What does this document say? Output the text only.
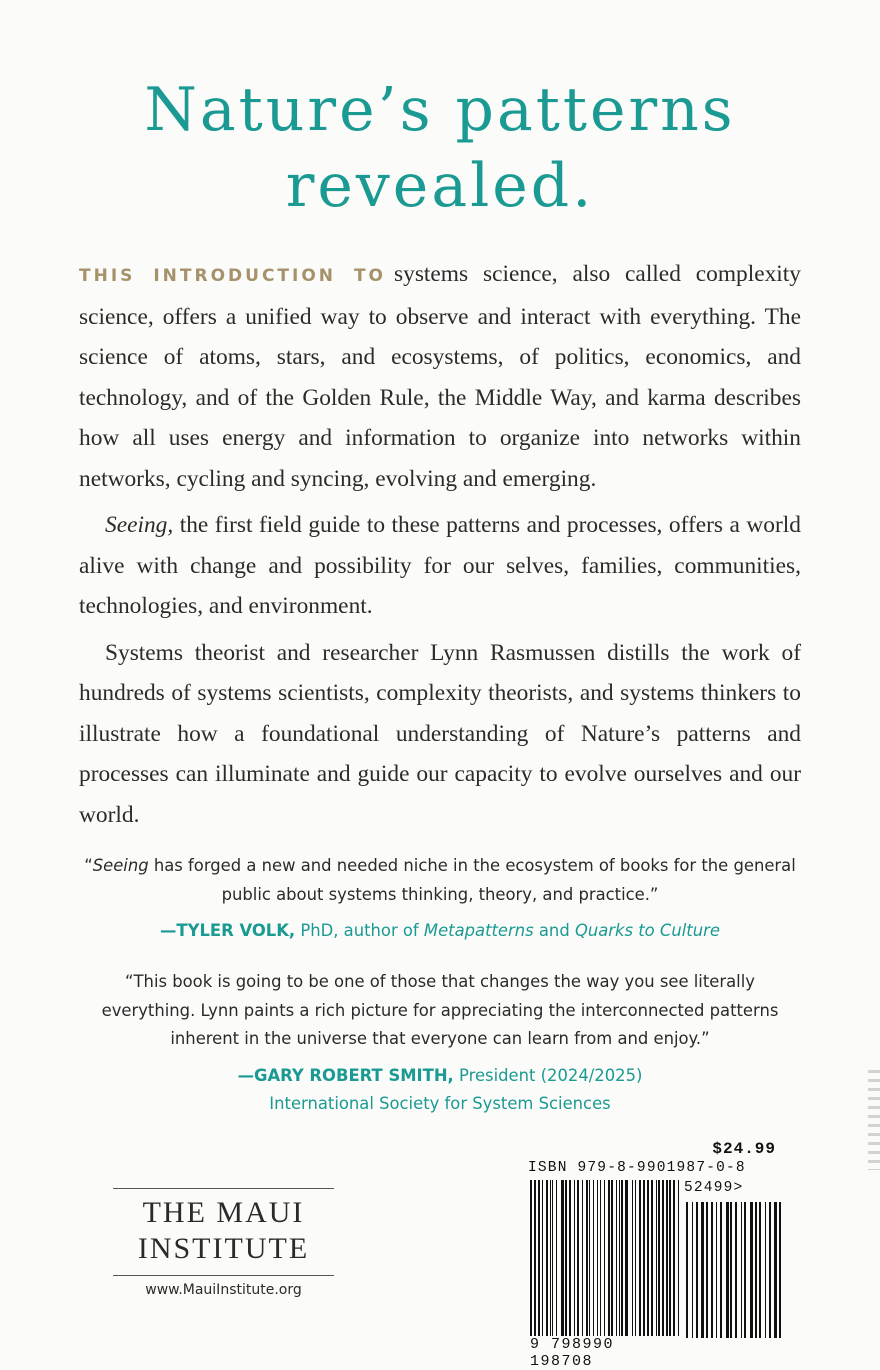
Nature’s patterns
revealed.

THIS INTRODUCTION TO systems science, also called complexity science, offers a unified way to observe and interact with everything. The science of atoms, stars, and ecosystems, of politics, economics, and technology, and of the Golden Rule, the Middle Way, and karma describes how all uses energy and information to organize into networks within networks, cycling and syncing, evolving and emerging.

Seeing, the first field guide to these patterns and processes, offers a world alive with change and possibility for our selves, families, communities, technologies, and environment.

Systems theorist and researcher Lynn Rasmussen distills the work of hundreds of systems scientists, complexity theorists, and systems thinkers to illustrate how a foundational understanding of Nature’s patterns and processes can illuminate and guide our capacity to evolve ourselves and our world.

“Seeing has forged a new and needed niche in the ecosystem of books for the general public about systems thinking, theory, and practice.”

—TYLER VOLK, PhD, author of Metapatterns and Quarks to Culture

“This book is going to be one of those that changes the way you see literally everything. Lynn paints a rich picture for appreciating the interconnected patterns inherent in the universe that everyone can learn from and enjoy.”

—GARY ROBERT SMITH, President (2024/2025)
International Society for System Sciences

THE MAUI
INSTITUTE
www.MauiInstitute.org
$24.99
ISBN 979-8-9901987-0-8
52499>
9 798990 198708
